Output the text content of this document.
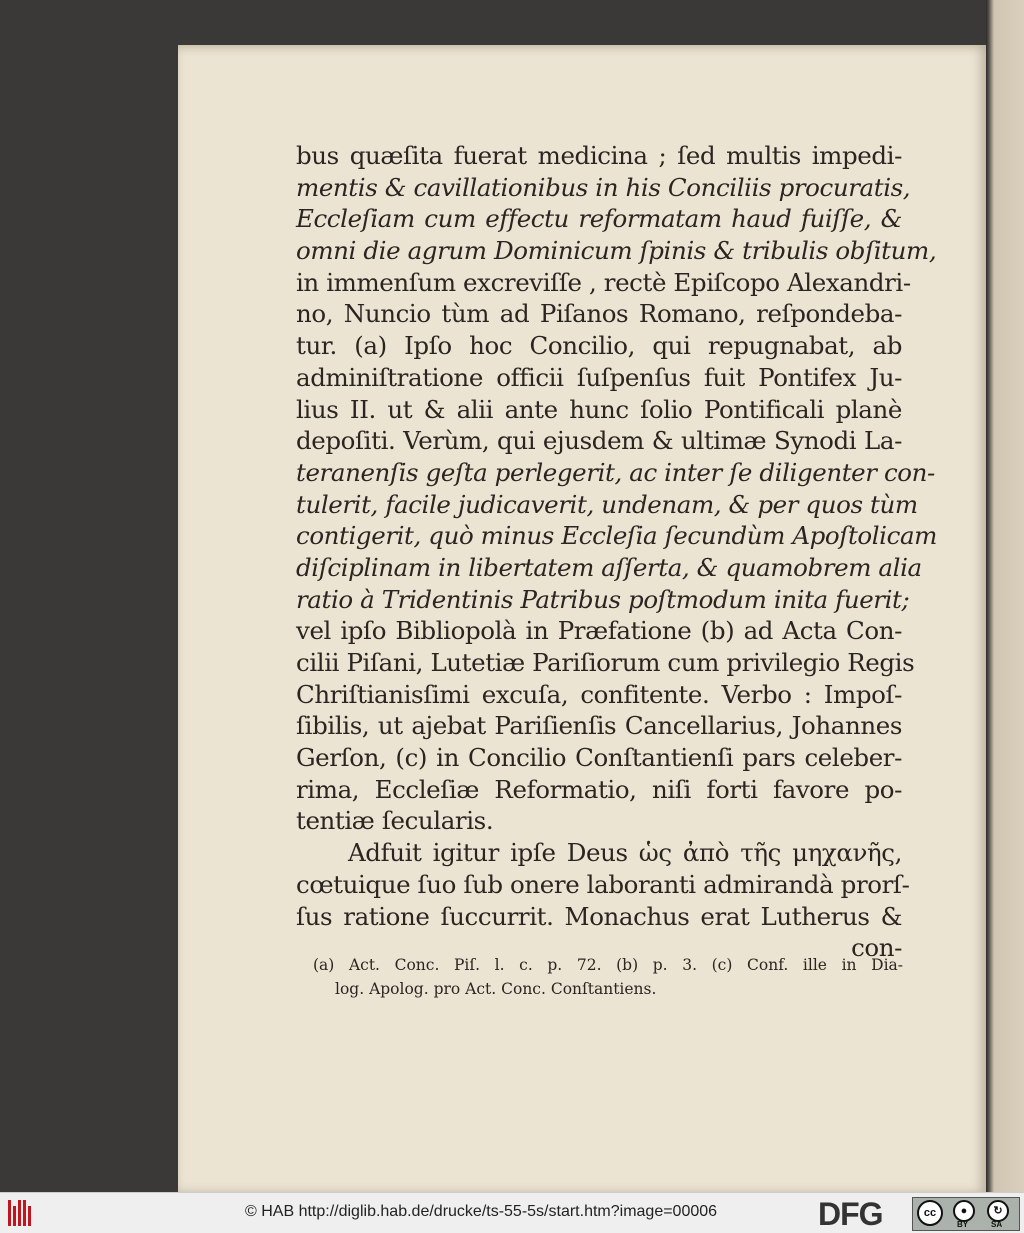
bus quæſita fuerat medicina ; ſed multis impedi-
mentis & cavillationibus in his Conciliis procuratis,
Eccleſiam cum effectu reformatam haud fuiſſe, &
omni die agrum Dominicum ſpinis & tribulis obſitum,
in immenſum excreviſſe , rectè Epiſcopo Alexandri-
no, Nuncio tùm ad Piſanos Romano, reſpondeba-
tur. (a) Ipſo hoc Concilio, qui repugnabat, ab
adminiſtratione officii ſuſpenſus fuit Pontifex Ju-
lius II. ut & alii ante hunc ſolio Pontificali planè
depoſiti. Verùm, qui ejusdem & ultimæ Synodi La-
teranenſis geſta perlegerit, ac inter ſe diligenter con-
tulerit, facile judicaverit, undenam, & per quos tùm
contigerit, quò minus Eccleſia ſecundùm Apoſtolicam
diſciplinam in libertatem aſſerta, & quamobrem alia
ratio à Tridentinis Patribus poſtmodum inita fuerit;
vel ipſo Bibliopolà in Præfatione (b) ad Acta Con-
cilii Piſani, Lutetiæ Pariſiorum cum privilegio Regis
Chriſtianisſimi excuſa, confitente. Verbo : Impoſ-
ſibilis, ut ajebat Pariſienſis Cancellarius, Johannes
Gerſon, (c) in Concilio Conſtantienſi pars celeber-
rima, Eccleſiæ Reformatio, niſi forti favore po-
tentiæ ſecularis.
Adfuit igitur ipſe Deus ὡς ἀπὸ τῆς μηχανῆς,
cœtuique ſuo ſub onere laboranti admirandà prorſ-
ſus ratione ſuccurrit. Monachus erat Lutherus &
con-
(a) Act. Conc. Piſ. l. c. p. 72. (b) p. 3. (c) Conf. ille in Dia-
log. Apolog. pro Act. Conc. Conſtantiens.
© HAB http://diglib.hab.de/drucke/ts-55-5s/start.htm?image=00006	DFG	cc	●	↻
BY	SA
